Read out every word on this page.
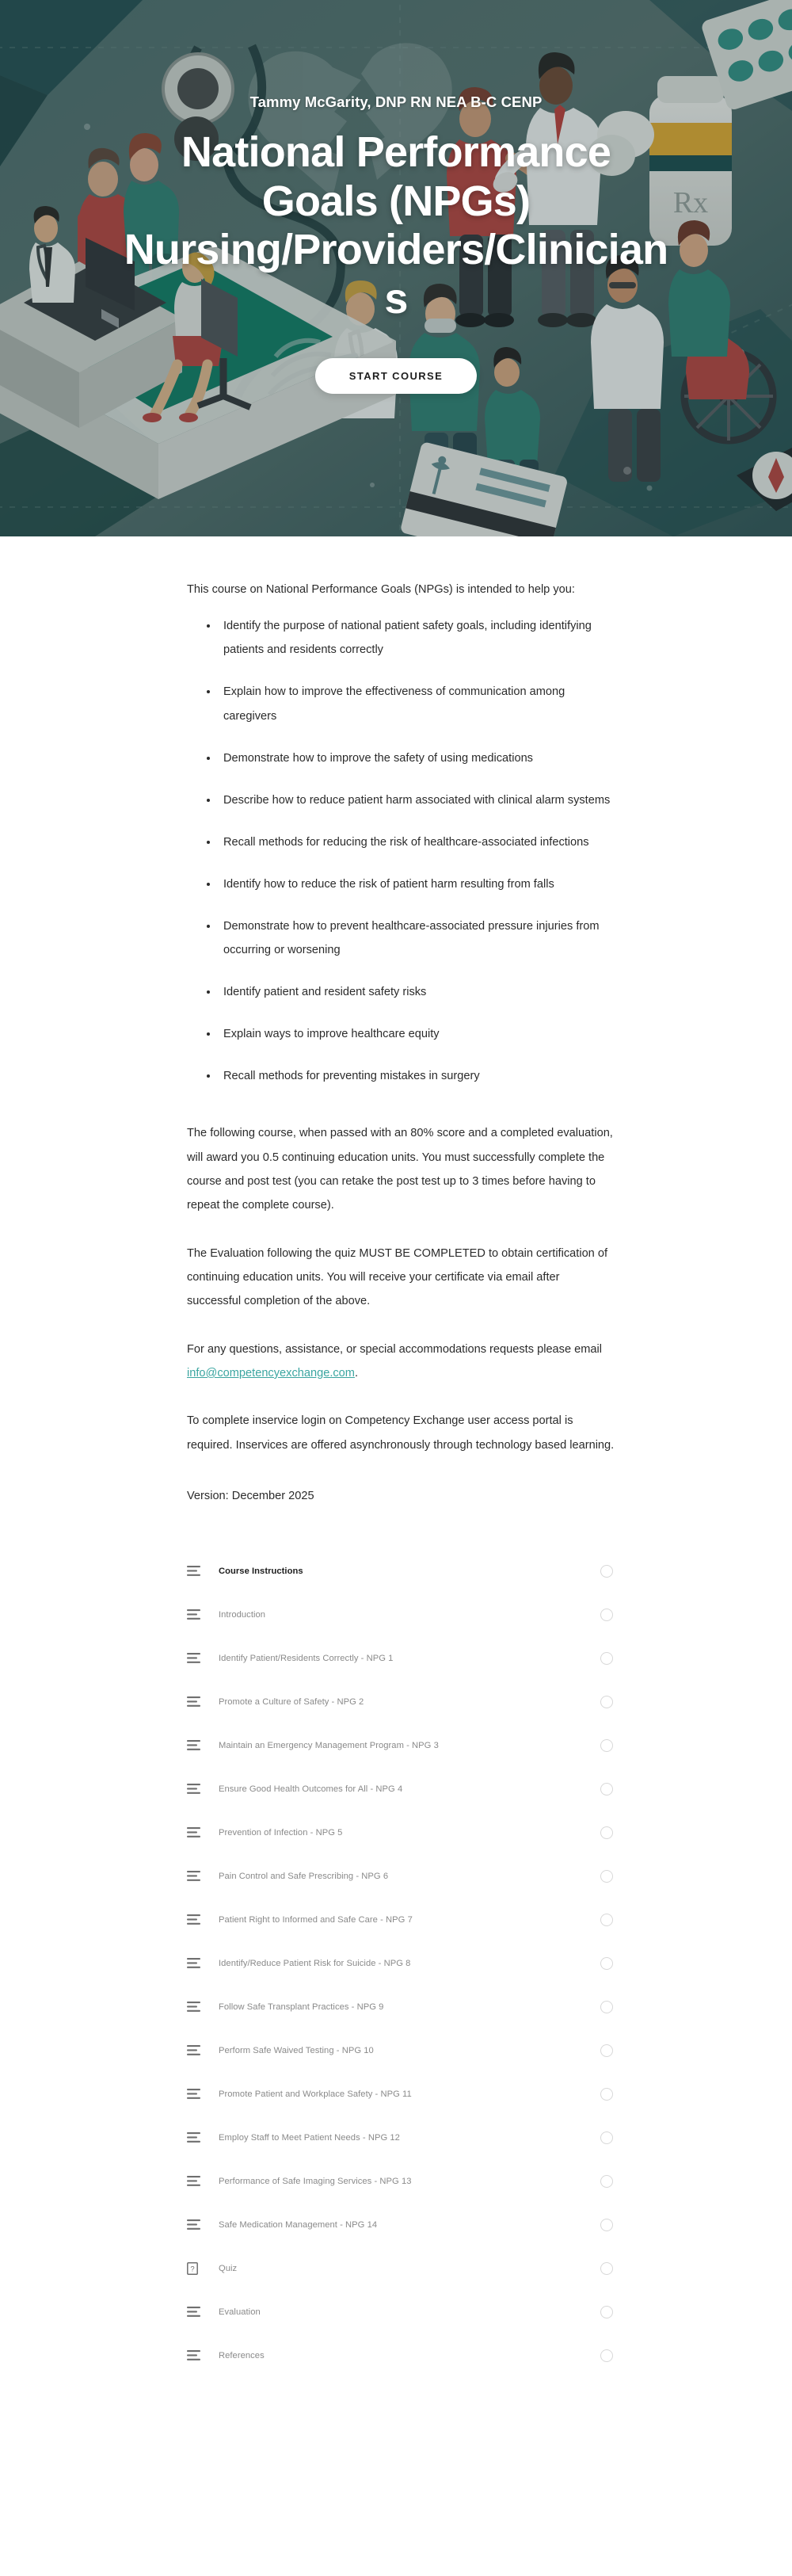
Rx
Tammy McGarity, DNP RN NEA B-C CENP
National Performance Goals (NPGs) Nursing/Providers/Clinicians
START COURSE

This course on National Performance Goals (NPGs) is intended to help you:

• Identify the purpose of national patient safety goals, including identifying patients and residents correctly
• Explain how to improve the effectiveness of communication among caregivers
• Demonstrate how to improve the safety of using medications
• Describe how to reduce patient harm associated with clinical alarm systems
• Recall methods for reducing the risk of healthcare-associated infections
• Identify how to reduce the risk of patient harm resulting from falls
• Demonstrate how to prevent healthcare-associated pressure injuries from occurring or worsening
• Identify patient and resident safety risks
• Explain ways to improve healthcare equity
• Recall methods for preventing mistakes in surgery

The following course, when passed with an 80% score and a completed evaluation, will award you 0.5 continuing education units. You must successfully complete the course and post test (you can retake the post test up to 3 times before having to repeat the complete course).

The Evaluation following the quiz MUST BE COMPLETED to obtain certification of continuing education units. You will receive your certificate via email after successful completion of the above.

For any questions, assistance, or special accommodations requests please email info@competencyexchange.com.

To complete inservice login on Competency Exchange user access portal is required. Inservices are offered asynchronously through technology based learning.

Version: December 2025

Course Instructions
Introduction
Identify Patient/Residents Correctly - NPG 1
Promote a Culture of Safety - NPG 2
Maintain an Emergency Management Program - NPG 3
Ensure Good Health Outcomes for All - NPG 4
Prevention of Infection - NPG 5
Pain Control and Safe Prescribing - NPG 6
Patient Right to Informed and Safe Care - NPG 7
Identify/Reduce Patient Risk for Suicide - NPG 8
Follow Safe Transplant Practices - NPG 9
Perform Safe Waived Testing - NPG 10
Promote Patient and Workplace Safety - NPG 11
Employ Staff to Meet Patient Needs - NPG 12
Performance of Safe Imaging Services - NPG 13
Safe Medication Management - NPG 14
?	Quiz
Evaluation
References
